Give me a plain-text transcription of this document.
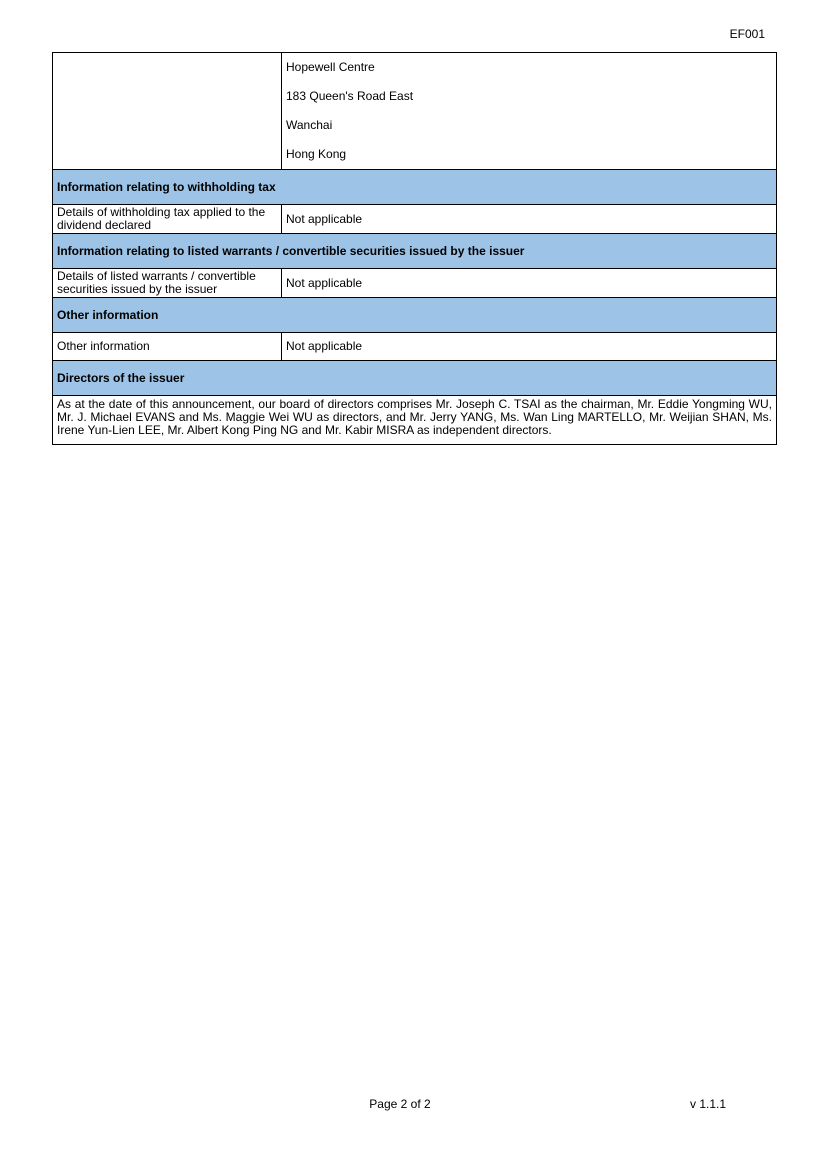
EF001

	Hopewell Centre
183 Queen's Road East
Wanchai
Hong Kong

Information relating to withholding tax	
Details of withholding tax applied to the dividend declared	Not applicable
Information relating to listed warrants / convertible securities issued by the issuer	
Details of listed warrants / convertible securities issued by the issuer	Not applicable
Other information	
Other information	Not applicable
Directors of the issuer	
As at the date of this announcement, our board of directors comprises Mr. Joseph C. TSAI as the chairman, Mr. Eddie Yongming WU, Mr. J. Michael EVANS and Ms. Maggie Wei WU as directors, and Mr. Jerry YANG, Ms. Wan Ling MARTELLO, Mr. Weijian SHAN, Ms. Irene Yun-Lien LEE, Mr. Albert Kong Ping NG and Mr. Kabir MISRA as independent directors.	
Page 2 of 2	v 1.1.1
